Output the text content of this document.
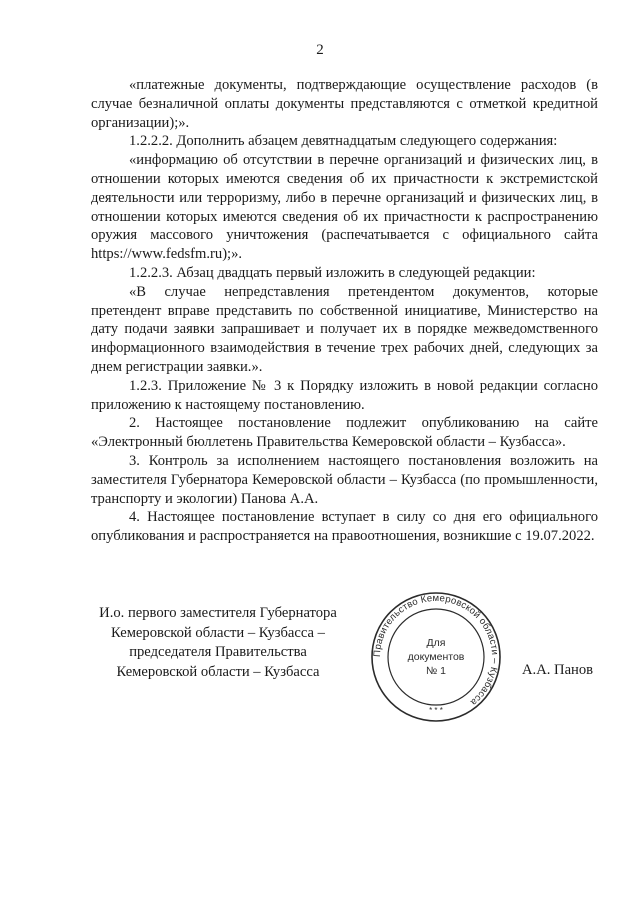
2

«платежные документы, подтверждающие осуществление расходов (в случае безналичной оплаты документы представляются с отметкой кредитной организации);».

1.2.2.2. Дополнить абзацем девятнадцатым следующего содержания:

«информацию об отсутствии в перечне организаций и физических лиц, в отношении которых имеются сведения об их причастности к экстремистской деятельности или терроризму, либо в перечне организаций и физических лиц, в отношении которых имеются сведения об их причастности к распространению оружия массового уничтожения (распечатывается с официального сайта https://www.fedsfm.ru);».

1.2.2.3. Абзац двадцать первый изложить в следующей редакции:

«В случае непредставления претендентом документов, которые претендент вправе представить по собственной инициативе, Министерство на дату подачи заявки запрашивает и получает их в порядке межведомственного информационного взаимодействия в течение трех рабочих дней, следующих за днем регистрации заявки.».

1.2.3. Приложение № 3 к Порядку изложить в новой редакции согласно приложению к настоящему постановлению.

2. Настоящее постановление подлежит опубликованию на сайте «Электронный бюллетень Правительства Кемеровской области – Кузбасса».

3. Контроль за исполнением настоящего постановления возложить на заместителя Губернатора Кемеровской области – Кузбасса (по промышленности, транспорту и экологии) Панова А.А.

4. Настоящее постановление вступает в силу со дня его официального опубликования и распространяется на правоотношения, возникшие с 19.07.2022.

И.о. первого заместителя Губернатора
Кемеровской области – Кузбасса –
председателя Правительства
Кемеровской области – Кузбасса
Правительство Кемеровской области – Кузбасса
* * *
Для
документов
№ 1	А.А. Панов
